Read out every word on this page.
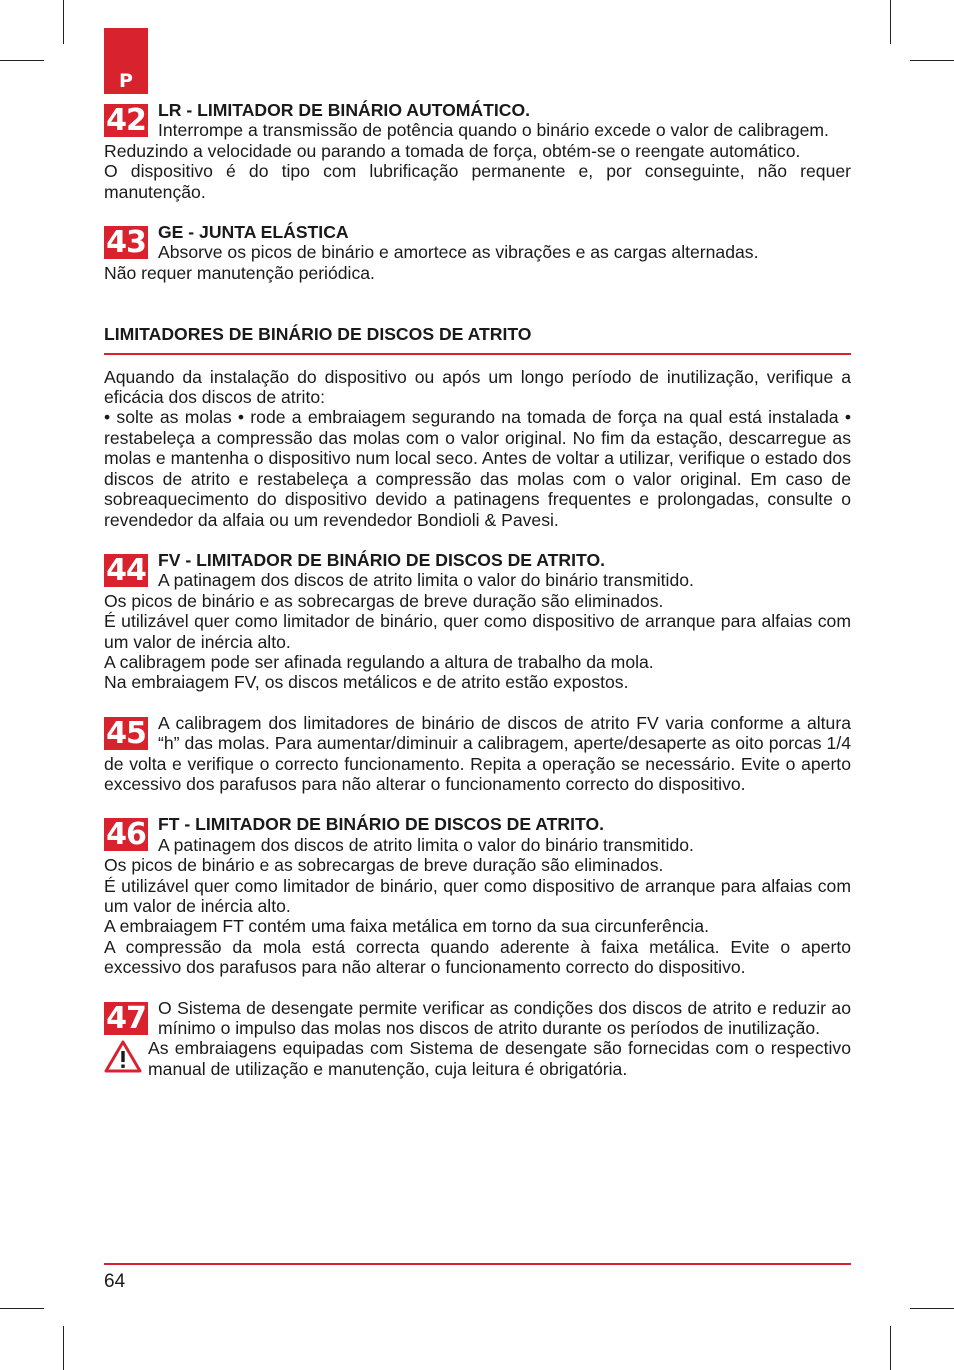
P
42 LR - LIMITADOR DE BINÁRIO AUTOMÁTICO.

Interrompe a transmissão de potência quando o binário excede o valor de calibragem.

Reduzindo a velocidade ou parando a tomada de força, obtém-se o reengate automático.

O dispositivo é do tipo com lubrificação permanente e, por conseguinte, não requer manutenção.

43 GE - JUNTA ELÁSTICA

Absorve os picos de binário e amortece as vibrações e as cargas alternadas.

Não requer manutenção periódica.

LIMITADORES DE BINÁRIO DE DISCOS DE ATRITO

Aquando da instalação do dispositivo ou após um longo período de inutilização, verifique a eficácia dos discos de atrito:

• solte as molas • rode a embraiagem segurando na tomada de força na qual está instalada • restabeleça a compressão das molas com o valor original. No fim da estação, descarregue as molas e mantenha o dispositivo num local seco. Antes de voltar a utilizar, verifique o estado dos discos de atrito e restabeleça a compressão das molas com o valor original. Em caso de sobreaquecimento do dispositivo devido a patinagens frequentes e prolongadas, consulte o revendedor da alfaia ou um revendedor Bondioli & Pavesi.

44 FV - LIMITADOR DE BINÁRIO DE DISCOS DE ATRITO.

A patinagem dos discos de atrito limita o valor do binário transmitido.

Os picos de binário e as sobrecargas de breve duração são eliminados.

É utilizável quer como limitador de binário, quer como dispositivo de arranque para alfaias com um valor de inércia alto.

A calibragem pode ser afinada regulando a altura de trabalho da mola.

Na embraiagem FV, os discos metálicos e de atrito estão expostos.

45 A calibragem dos limitadores de binário de discos de atrito FV varia conforme a altura “h” das molas. Para aumentar/diminuir a calibragem, aperte/desaperte as oito porcas 1/4 de volta e verifique o correcto funcionamento. Repita a operação se necessário. Evite o aperto excessivo dos parafusos para não alterar o funcionamento correcto do dispositivo.

46 FT - LIMITADOR DE BINÁRIO DE DISCOS DE ATRITO.

A patinagem dos discos de atrito limita o valor do binário transmitido.

Os picos de binário e as sobrecargas de breve duração são eliminados.

É utilizável quer como limitador de binário, quer como dispositivo de arranque para alfaias com um valor de inércia alto.

A embraiagem FT contém uma faixa metálica em torno da sua circunferência.

A compressão da mola está correcta quando aderente à faixa metálica. Evite o aperto excessivo dos parafusos para não alterar o funcionamento correcto do dispositivo.

47 O Sistema de desengate permite verificar as condições dos discos de atrito e reduzir ao mínimo o impulso das molas nos discos de atrito durante os períodos de inutilização.

As embraiagens equipadas com Sistema de desengate são fornecidas com o respectivo manual de utilização e manutenção, cuja leitura é obrigatória.

64
